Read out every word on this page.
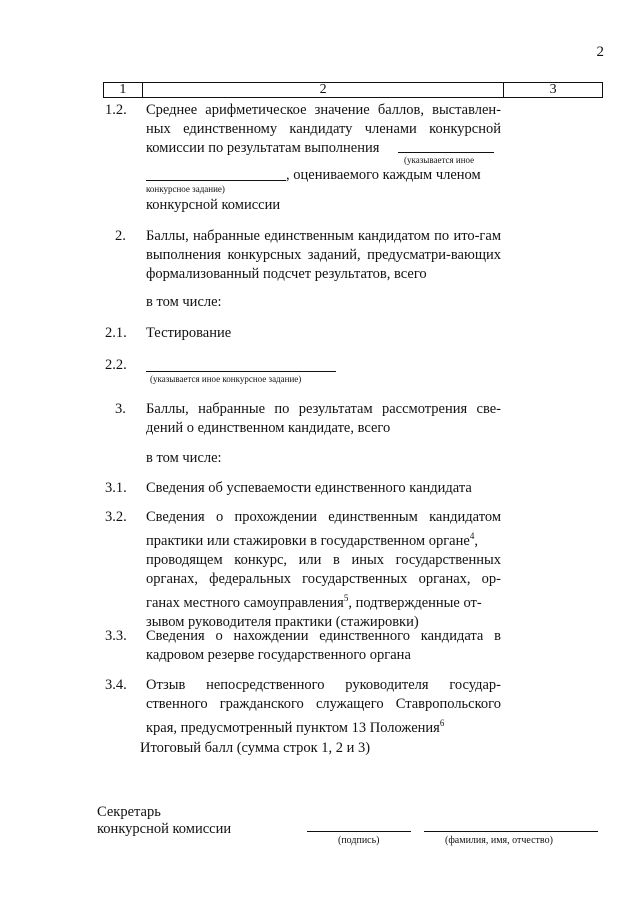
2
1	2	3
1.2. Среднее арифметическое значение баллов, выставлен-
ных единственному кандидату членами конкурсной
комиссии по результатам выполнения
(указывается иное
, оцениваемого каждым членом
конкурсное задание)
конкурсной комиссии
2. Баллы, набранные единственным кандидатом по ито-гам выполнения конкурсных заданий, предусматри-вающих формализованный подсчет результатов, всего
в том числе:
2.1. Тестирование
2.2.
(указывается иное конкурсное задание)
3. Баллы, набранные по результатам рассмотрения све-дений о единственном кандидате, всего
в том числе:
3.1. Сведения об успеваемости единственного кандидата
3.2. Сведения о прохождении единственным кандидатом
практики или стажировки в государственном органе$^4$,
проводящем конкурс, или в иных государственных
органах, федеральных государственных органах, ор-
ганах местного самоуправления$^5$, подтвержденные от-
зывом руководителя практики (стажировки)
3.3. Сведения о нахождении единственного кандидата в кадровом резерве государственного органа
3.4. Отзыв непосредственного руководителя государ-ственного гражданского служащего Ставропольского края, предусмотренный пунктом 13 Положения$^6$
Итоговый балл (сумма строк 1, 2 и 3)
Секретарь
конкурсной комиссии
(подпись)	(фамилия, имя, отчество)
